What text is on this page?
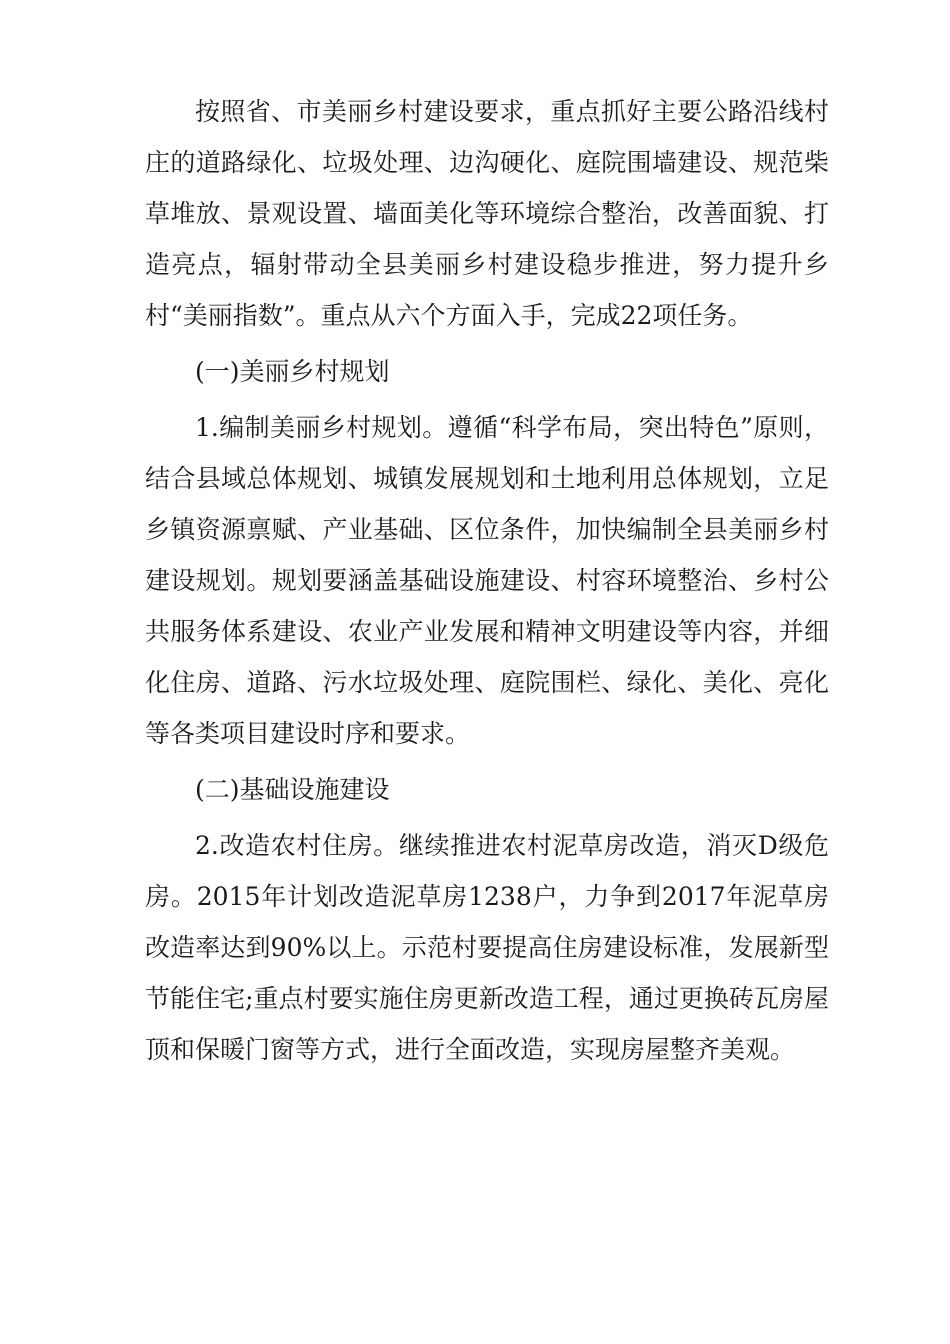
按照省、市美丽乡村建设要求，重点抓好主要公路沿线村庄的道路绿化、垃圾处理、边沟硬化、庭院围墙建设、规范柴草堆放、景观设置、墙面美化等环境综合整治，改善面貌、打造亮点，辐射带动全县美丽乡村建设稳步推进，努力提升乡村“美丽指数”。重点从六个方面入手，完成22项任务。

(一)美丽乡村规划

1.编制美丽乡村规划。遵循“科学布局，突出特色”原则，结合县域总体规划、城镇发展规划和土地利用总体规划，立足乡镇资源禀赋、产业基础、区位条件，加快编制全县美丽乡村建设规划。规划要涵盖基础设施建设、村容环境整治、乡村公共服务体系建设、农业产业发展和精神文明建设等内容，并细化住房、道路、污水垃圾处理、庭院围栏、绿化、美化、亮化等各类项目建设时序和要求。

(二)基础设施建设

2.改造农村住房。继续推进农村泥草房改造，消灭D级危房。2015年计划改造泥草房1238户，力争到2017年泥草房改造率达到90%以上。示范村要提高住房建设标准，发展新型节能住宅;重点村要实施住房更新改造工程，通过更换砖瓦房屋顶和保暖门窗等方式，进行全面改造，实现房屋整齐美观。
